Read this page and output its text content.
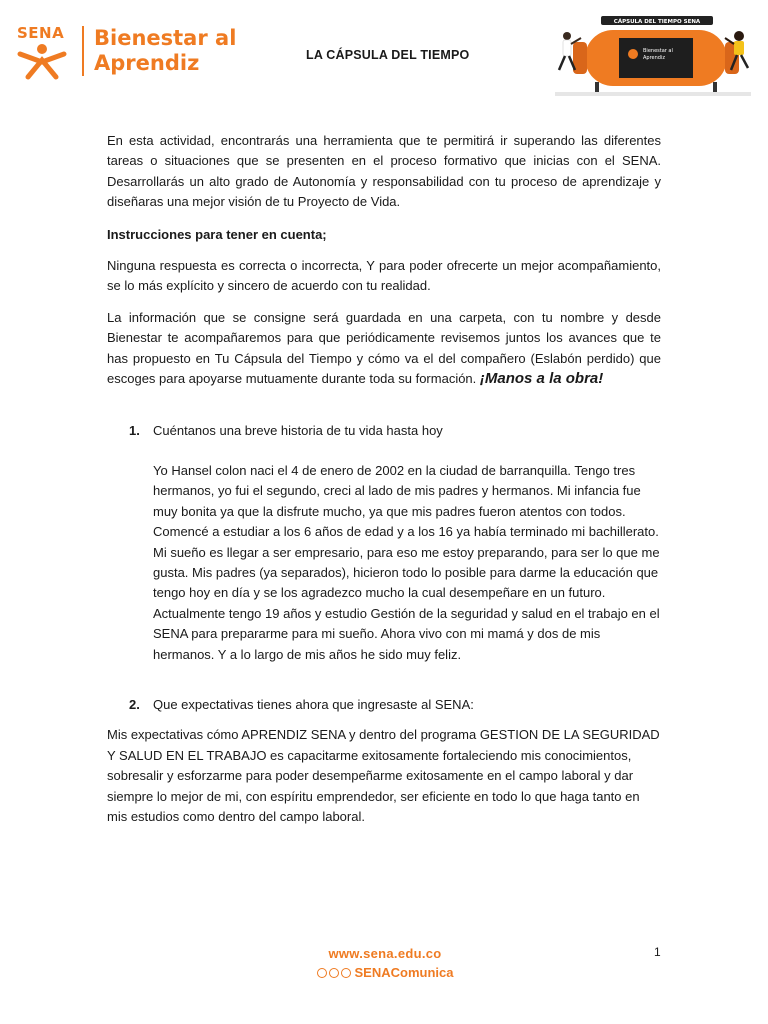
SENA Bienestar al
Aprendiz	LA CÁPSULA DEL TIEMPO
CÁPSULA DEL TIEMPO SENA
Bienestar al
Aprendiz

En esta actividad, encontrarás una herramienta que te permitirá ir superando las diferentes tareas o situaciones que se presenten en el proceso formativo que inicias con el SENA. Desarrollarás un alto grado de Autonomía y responsabilidad con tu proceso de aprendizaje y diseñaras una mejor visión de tu Proyecto de Vida.

Instrucciones para tener en cuenta;

Ninguna respuesta es correcta o incorrecta, Y para poder ofrecerte un mejor acompañamiento, se lo más explícito y sincero de acuerdo con tu realidad.

La información que se consigne será guardada en una carpeta, con tu nombre y desde Bienestar te acompañaremos para que periódicamente revisemos juntos los avances que te has propuesto en Tu Cápsula del Tiempo y cómo va el del compañero (Eslabón perdido) que escoges para apoyarse mutuamente durante toda su formación. ¡Manos a la obra!

1. Cuéntanos una breve historia de tu vida hasta hoy

Yo Hansel colon naci el 4 de enero de 2002 en la ciudad de barranquilla. Tengo tres hermanos, yo fui el segundo, creci al lado de mis padres y hermanos. Mi infancia fue muy bonita ya que la disfrute mucho, ya que mis padres fueron atentos con todos. Comencé a estudiar a los 6 años de edad y a los 16 ya había terminado mi bachillerato. Mi sueño es llegar a ser empresario, para eso me estoy preparando, para ser lo que me gusta. Mis padres (ya separados), hicieron todo lo posible para darme la educación que tengo hoy en día y se los agradezco mucho la cual desempeñare en un futuro. Actualmente tengo 19 años y estudio Gestión de la seguridad y salud en el trabajo en el SENA para prepararme para mi sueño. Ahora vivo con mi mamá y dos de mis hermanos. Y a lo largo de mis años he sido muy feliz.

2. Que expectativas tienes ahora que ingresaste al SENA:

Mis expectativas cómo APRENDIZ SENA y dentro del programa GESTION DE LA SEGURIDAD Y SALUD EN EL TRABAJO es capacitarme exitosamente fortaleciendo mis conocimientos, sobresalir y esforzarme para poder desempeñarme exitosamente en el campo laboral y dar siempre lo mejor de mi, con espíritu emprendedor, ser eficiente en todo lo que haga tanto en mis estudios como dentro del campo laboral.

www.sena.edu.co
SENAComunica
1
